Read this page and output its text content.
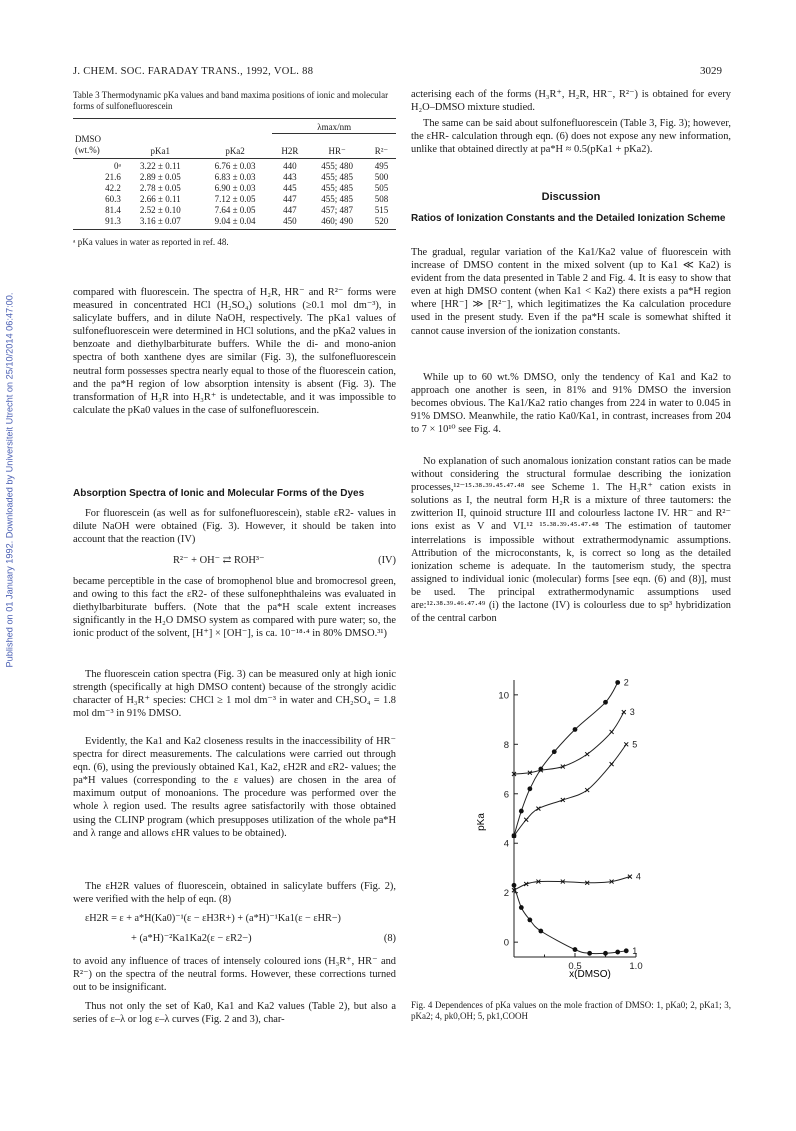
Published on 01 January 1992. Downloaded by Universiteit Utrecht on 25/10/2014 06:47:00.
J. CHEM. SOC. FARADAY TRANS., 1992, VOL. 88	3029

Table 3 Thermodynamic pKa values and band maxima positions of ionic and molecular forms of sulfonefluorescein

			λmax/nm		
DMSO					
(wt.%)	pKa1	pKa2	H2R	HR⁻	R²⁻
0ᵃ	3.22 ± 0.11	6.76 ± 0.03	440	455; 480	495
21.6	2.89 ± 0.05	6.83 ± 0.03	443	455; 485	500
42.2	2.78 ± 0.05	6.90 ± 0.03	445	455; 485	505
60.3	2.66 ± 0.11	7.12 ± 0.05	447	455; 485	508
81.4	2.52 ± 0.10	7.64 ± 0.05	447	457; 487	515
91.3	3.16 ± 0.07	9.04 ± 0.04	450	460; 490	520

ᵃ pKa values in water as reported in ref. 48.

compared with fluorescein. The spectra of H₂R, HR⁻ and R²⁻ forms were measured in concentrated HCl (H₂SO₄) solutions (≥0.1 mol dm⁻³), in salicylate buffers, and in dilute NaOH, respectively. The pKa1 values of sulfonefluorescein were determined in HCl solutions, and the pKa2 values in benzoate and diethylbarbiturate buffers. While the di- and mono-anion spectra of both xanthene dyes are similar (Fig. 3), the sulfonefluorescein neutral form possesses spectra nearly equal to those of the fluorescein cation, and the pa*H region of low absorption intensity is absent (Fig. 3). The transformation of H₃R into H₃R⁺ is undetectable, and it was impossible to calculate the pKa0 values in the case of sulfonefluorescein.

Absorption Spectra of Ionic and Molecular Forms of the Dyes

For fluorescein (as well as for sulfonefluorescein), stable εR2- values in dilute NaOH were obtained (Fig. 3). However, it should be taken into account that the reaction (IV)

R²⁻ + OH⁻ ⇄ ROH³⁻	(IV)

became perceptible in the case of bromophenol blue and bromocresol green, and owing to this fact the εR2- of these sulfonephthaleins was evaluated in diethylbarbiturate buffers. (Note that the pa*H scale extent increases significantly in the H₂O DMSO system as compared with pure water; so, the ionic product of the solvent, [H⁺] × [OH⁻], is ca. 10⁻¹⁸·⁴ in 80% DMSO.³¹)

The fluorescein cation spectra (Fig. 3) can be measured only at high ionic strength (specifically at high DMSO content) because of the strongly acidic character of H₃R⁺ species: CHCl ≥ 1 mol dm⁻³ in water and CH₂SO₄ = 1.8 mol dm⁻³ in 91% DMSO.

Evidently, the Ka1 and Ka2 closeness results in the inaccessibility of HR⁻ spectra for direct measurements. The calculations were carried out through eqn. (6), using the previously obtained Ka1, Ka2, εH2R and εR2- values; the pa*H values (corresponding to the ε values) are chosen in the area of maximum output of monoanions. The procedure was performed over the whole λ region used. The results agree satisfactorily with those obtained using the CLINP program (which presupposes utilization of the whole pa*H and λ range and allows εHR values to be obtained).

The εH2R values of fluorescein, obtained in salicylate buffers (Fig. 2), were verified with the help of eqn. (8)

εH2R = ε + a*H(Ka0)⁻¹(ε − εH3R+) + (a*H)⁻¹Ka1(ε − εHR−)
+ (a*H)⁻²Ka1Ka2(ε − εR2−)	(8)

to avoid any influence of traces of intensely coloured ions (H₃R⁺, HR⁻ and R²⁻) on the spectra of the neutral forms. However, these corrections turned out to be insignificant.

Thus not only the set of Ka0, Ka1 and Ka2 values (Table 2), but also a series of ε–λ or log ε–λ curves (Fig. 2 and 3), char-

acterising each of the forms (H₃R⁺, H₂R, HR⁻, R²⁻) is obtained for every H₂O–DMSO mixture studied.

The same can be said about sulfonefluorescein (Table 3, Fig. 3); however, the εHR- calculation through eqn. (6) does not expose any new information, unlike that obtained directly at pa*H ≈ 0.5(pKa1 + pKa2).

Discussion
Ratios of Ionization Constants and the Detailed Ionization Scheme

The gradual, regular variation of the Ka1/Ka2 value of fluorescein with increase of DMSO content in the mixed solvent (up to Ka1 ≪ Ka2) is evident from the data presented in Table 2 and Fig. 4. It is easy to show that even at high DMSO content (when Ka1 < Ka2) there exists a pa*H region where [HR⁻] ≫ [R²⁻], which legitimatizes the Ka calculation procedure used in the present study. Even if the pa*H scale is somewhat shifted it cannot cause inversion of the ionization constants.

While up to 60 wt.% DMSO, only the tendency of Ka1 and Ka2 to approach one another is seen, in 81% and 91% DMSO the inversion becomes obvious. The Ka1/Ka2 ratio changes from 224 in water to 0.045 in 91% DMSO. Meanwhile, the ratio Ka0/Ka1, in contrast, increases from 204 to 7 × 10¹⁰ see Fig. 4.

No explanation of such anomalous ionization constant ratios can be made without considering the structural formulae describing the ionization processes,¹²⁻¹⁵·³⁸·³⁹·⁴⁵·⁴⁷·⁴⁸ see Scheme 1. The H₃R⁺ cation exists in solutions as I, the neutral form H₂R is a mixture of three tautomers: the zwitterion II, quinoid structure III and colourless lactone IV. HR⁻ and R²⁻ ions exist as V and VI.¹² ¹⁵·³⁸·³⁹·⁴⁵·⁴⁷·⁴⁸ The estimation of tautomer interrelations is impossible without extrathermodynamic assumptions. Attribution of the microconstants, k, is correct so long as the detailed ionization scheme is adequate. In the tautomerism study, the spectra assigned to individual ionic (molecular) forms [see eqn. (6) and (8)], must be used. The principal extrathermodynamic assumptions used are:¹²·³⁸·³⁹·⁴⁶·⁴⁷·⁴⁹ (i) the lactone (IV) is colourless due to sp³ hybridization of the central carbon

0
2
4
6
8
10
0.5	1.0
1
2
3
4
5
pKa
x(DMSO)
Fig. 4 Dependences of pKa values on the mole fraction of DMSO: 1, pKa0; 2, pKa1; 3, pKa2; 4, pk0,OH; 5, pk1,COOH
